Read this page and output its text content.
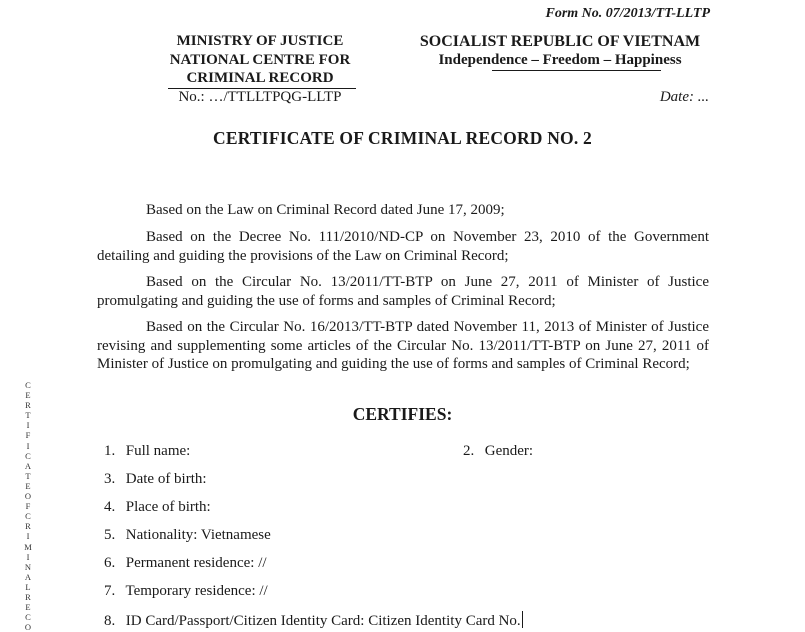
Form No. 07/2013/TT-LLTP
MINISTRY OF JUSTICE
NATIONAL CENTRE FOR
CRIMINAL RECORD
No.: …/TTLLTPQG-LLTP
SOCIALIST REPUBLIC OF VIETNAM
Independence – Freedom – Happiness
Date: ...
CERTIFICATE OF CRIMINAL RECORD NO. 2
Based on the Law on Criminal Record dated June 17, 2009;
Based on the Decree No. 111/2010/ND-CP on November 23, 2010 of the Government detailing and guiding the provisions of the Law on Criminal Record;
Based on the Circular No. 13/2011/TT-BTP on June 27, 2011 of Minister of Justice promulgating and guiding the use of forms and samples of Criminal Record;
Based on the Circular No. 16/2013/TT-BTP dated November 11, 2013 of Minister of Justice revising and supplementing some articles of the Circular No. 13/2011/TT-BTP on June 27, 2011 of Minister of Justice on promulgating and guiding the use of forms and samples of Criminal Record;
CERTIFIES:
1. Full name:	2. Gender:
3. Date of birth:
4. Place of birth:
5. Nationality: Vietnamese
6. Permanent residence: //
7. Temporary residence: //
8. ID Card/Passport/Citizen Identity Card: Citizen Identity Card No.
C
E
R
T
I
F
I
C
A
T
E
O
F
C
R
I
M
I
N
A
L
R
E
C
O
